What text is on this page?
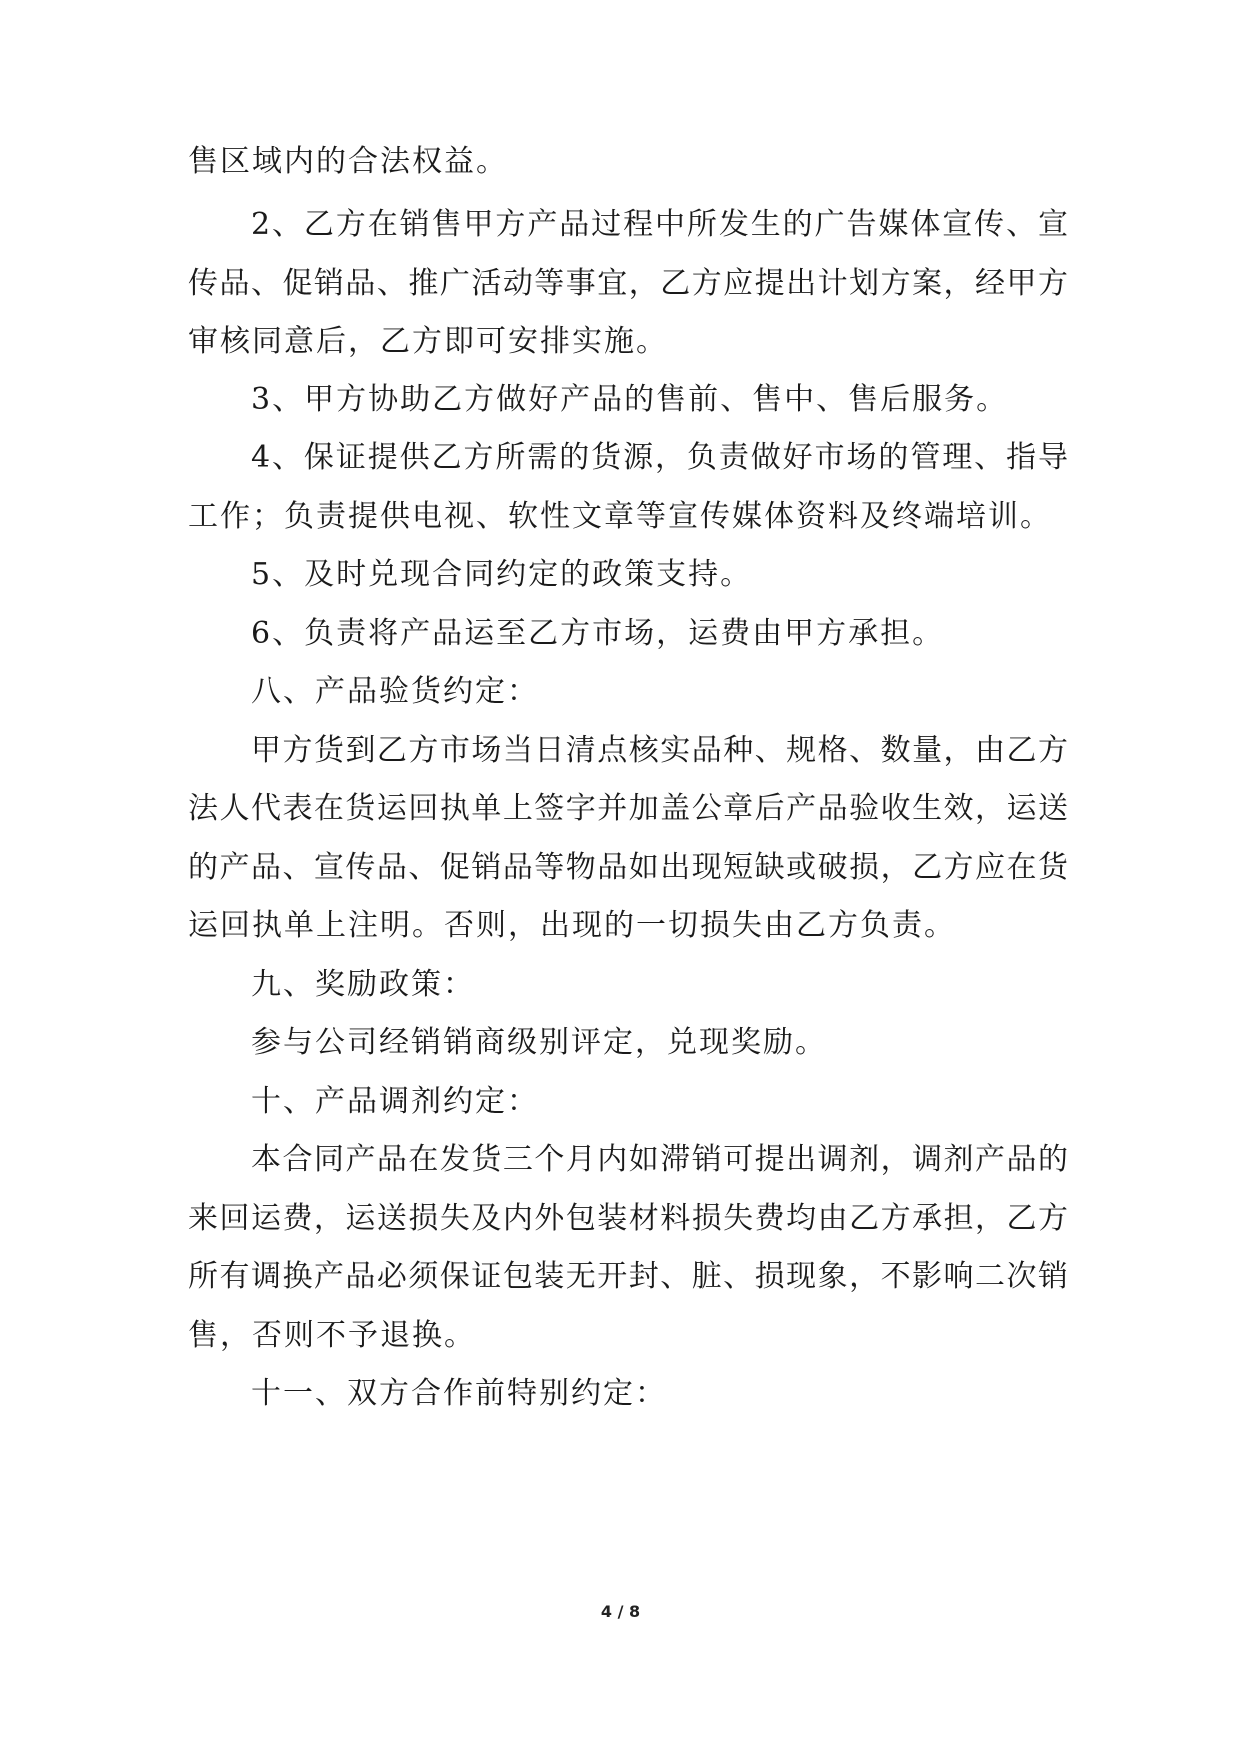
售区域内的合法权益。
2、乙方在销售甲方产品过程中所发生的广告媒体宣传、宣
传品、促销品、推广活动等事宜，乙方应提出计划方案，经甲方
审核同意后，乙方即可安排实施。
3、甲方协助乙方做好产品的售前、售中、售后服务。
4、保证提供乙方所需的货源，负责做好市场的管理、指导
工作；负责提供电视、软性文章等宣传媒体资料及终端培训。
5、及时兑现合同约定的政策支持。
6、负责将产品运至乙方市场，运费由甲方承担。
八、产品验货约定：
甲方货到乙方市场当日清点核实品种、规格、数量，由乙方
法人代表在货运回执单上签字并加盖公章后产品验收生效，运送
的产品、宣传品、促销品等物品如出现短缺或破损，乙方应在货
运回执单上注明。否则，出现的一切损失由乙方负责。
九、奖励政策：
参与公司经销销商级别评定，兑现奖励。
十、产品调剂约定：
本合同产品在发货三个月内如滞销可提出调剂，调剂产品的
来回运费，运送损失及内外包装材料损失费均由乙方承担，乙方
所有调换产品必须保证包装无开封、脏、损现象，不影响二次销
售，否则不予退换。
十一、双方合作前特别约定：
4 / 8
